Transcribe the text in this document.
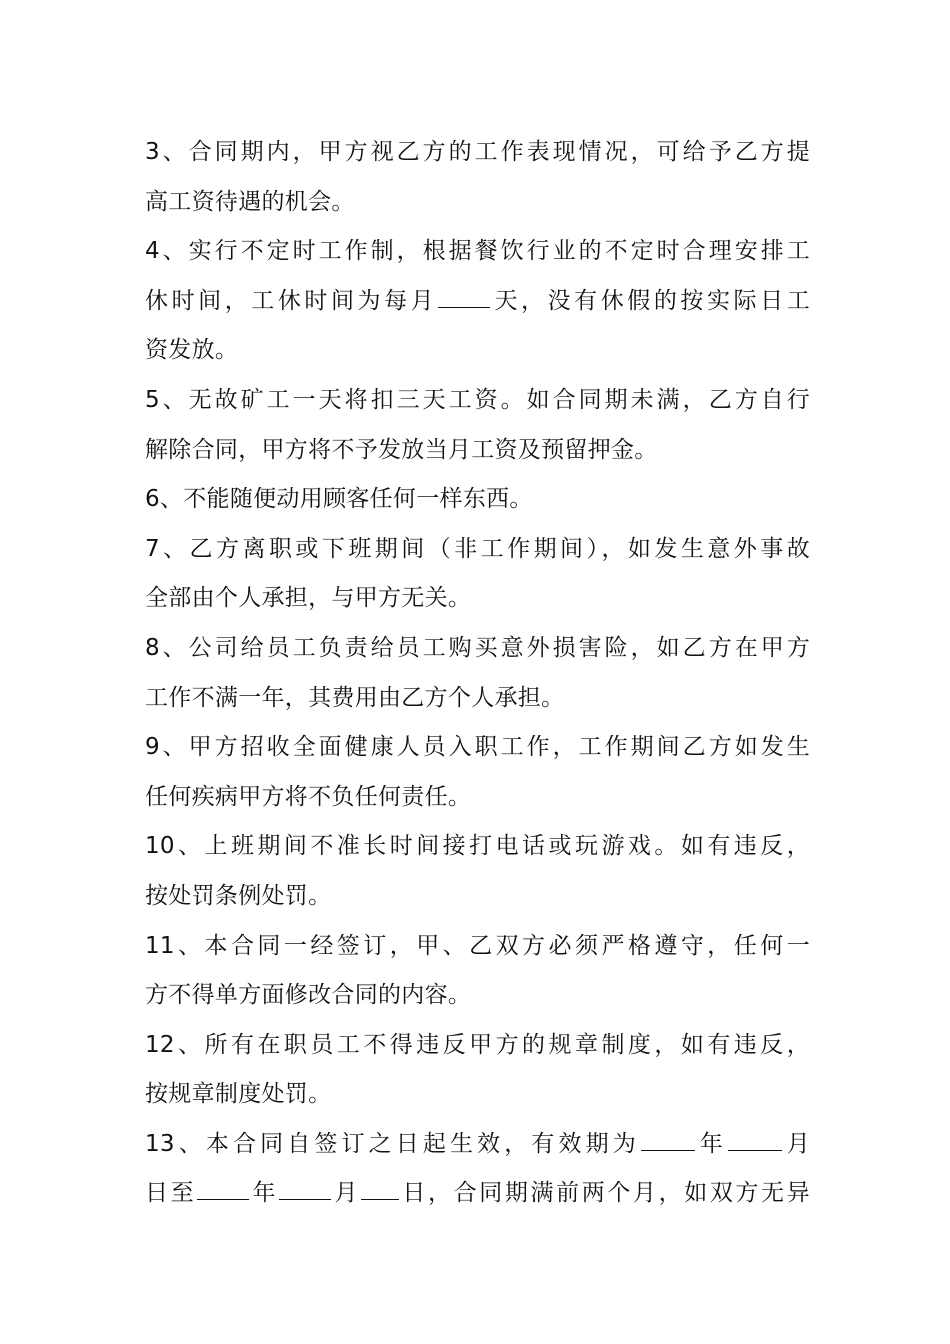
3、合同期内，甲方视乙方的工作表现情况，可给予乙方提
高工资待遇的机会。
4、实行不定时工作制，根据餐饮行业的不定时合理安排工
休时间，工休时间为每月 天，没有休假的按实际日工
资发放。
5、无故矿工一天将扣三天工资。如合同期未满，乙方自行
解除合同，甲方将不予发放当月工资及预留押金。
6、不能随便动用顾客任何一样东西。
7、乙方离职或下班期间（非工作期间），如发生意外事故
全部由个人承担，与甲方无关。
8、公司给员工负责给员工购买意外损害险，如乙方在甲方
工作不满一年，其费用由乙方个人承担。
9、甲方招收全面健康人员入职工作，工作期间乙方如发生
任何疾病甲方将不负任何责任。
10、上班期间不准长时间接打电话或玩游戏。如有违反，
按处罚条例处罚。
11、本合同一经签订，甲、乙双方必须严格遵守，任何一
方不得单方面修改合同的内容。
12、所有在职员工不得违反甲方的规章制度，如有违反，
按规章制度处罚。
13、本合同自签订之日起生效，有效期为 年 月
日至 年 月 日，合同期满前两个月，如双方无异
